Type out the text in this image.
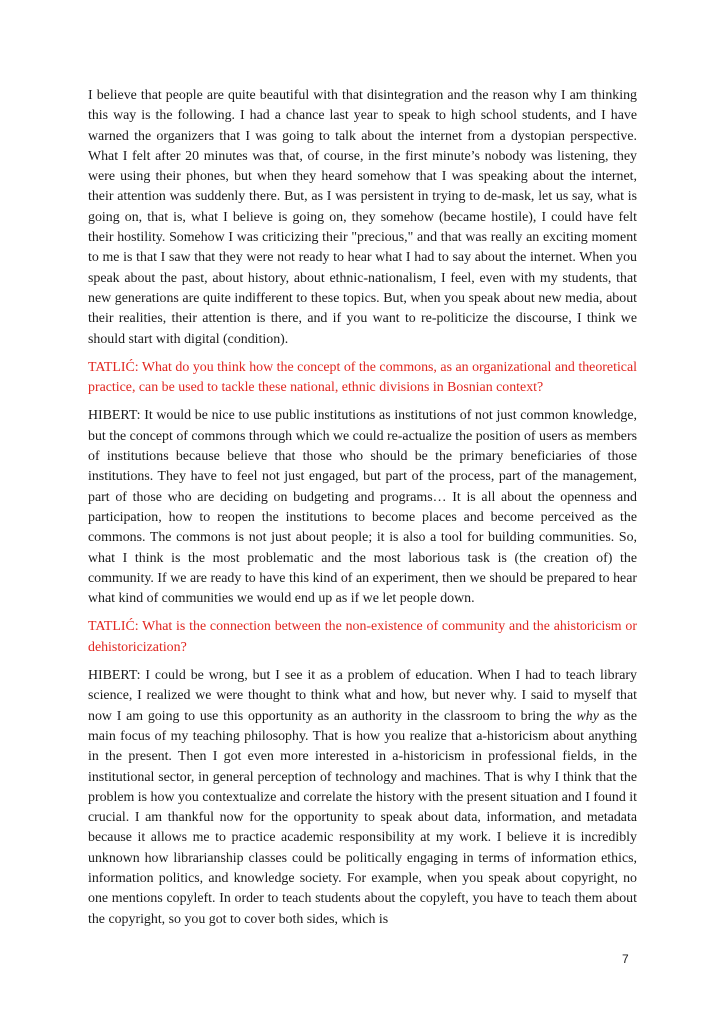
I believe that people are quite beautiful with that disintegration and the reason why I am thinking this way is the following. I had a chance last year to speak to high school students, and I have warned the organizers that I was going to talk about the internet from a dystopian perspective. What I felt after 20 minutes was that, of course, in the first minute’s nobody was listening, they were using their phones, but when they heard somehow that I was speaking about the internet, their attention was suddenly there. But, as I was persistent in trying to de-mask, let us say, what is going on, that is, what I believe is going on, they somehow (became hostile), I could have felt their hostility. Somehow I was criticizing their "precious," and that was really an exciting moment to me is that I saw that they were not ready to hear what I had to say about the internet. When you speak about the past, about history, about ethnic-nationalism, I feel, even with my students, that new generations are quite indifferent to these topics. But, when you speak about new media, about their realities, their attention is there, and if you want to re-politicize the discourse, I think we should start with digital (condition).

TATLIĆ: What do you think how the concept of the commons, as an organizational and theoretical practice, can be used to tackle these national, ethnic divisions in Bosnian context?

HIBERT: It would be nice to use public institutions as institutions of not just common knowledge, but the concept of commons through which we could re-actualize the position of users as members of institutions because believe that those who should be the primary beneficiaries of those institutions. They have to feel not just engaged, but part of the process, part of the management, part of those who are deciding on budgeting and programs… It is all about the openness and participation, how to reopen the institutions to become places and become perceived as the commons. The commons is not just about people; it is also a tool for building communities. So, what I think is the most problematic and the most laborious task is (the creation of) the community. If we are ready to have this kind of an experiment, then we should be prepared to hear what kind of communities we would end up as if we let people down.

TATLIĆ: What is the connection between the non-existence of community and the ahistoricism or dehistoricization?

HIBERT: I could be wrong, but I see it as a problem of education. When I had to teach library science, I realized we were thought to think what and how, but never why. I said to myself that now I am going to use this opportunity as an authority in the classroom to bring the why as the main focus of my teaching philosophy. That is how you realize that a-historicism about anything in the present. Then I got even more interested in a-historicism in professional fields, in the institutional sector, in general perception of technology and machines. That is why I think that the problem is how you contextualize and correlate the history with the present situation and I found it crucial. I am thankful now for the opportunity to speak about data, information, and metadata because it allows me to practice academic responsibility at my work. I believe it is incredibly unknown how librarianship classes could be politically engaging in terms of information ethics, information politics, and knowledge society. For example, when you speak about copyright, no one mentions copyleft. In order to teach students about the copyleft, you have to teach them about the copyright, so you got to cover both sides, which is

7
